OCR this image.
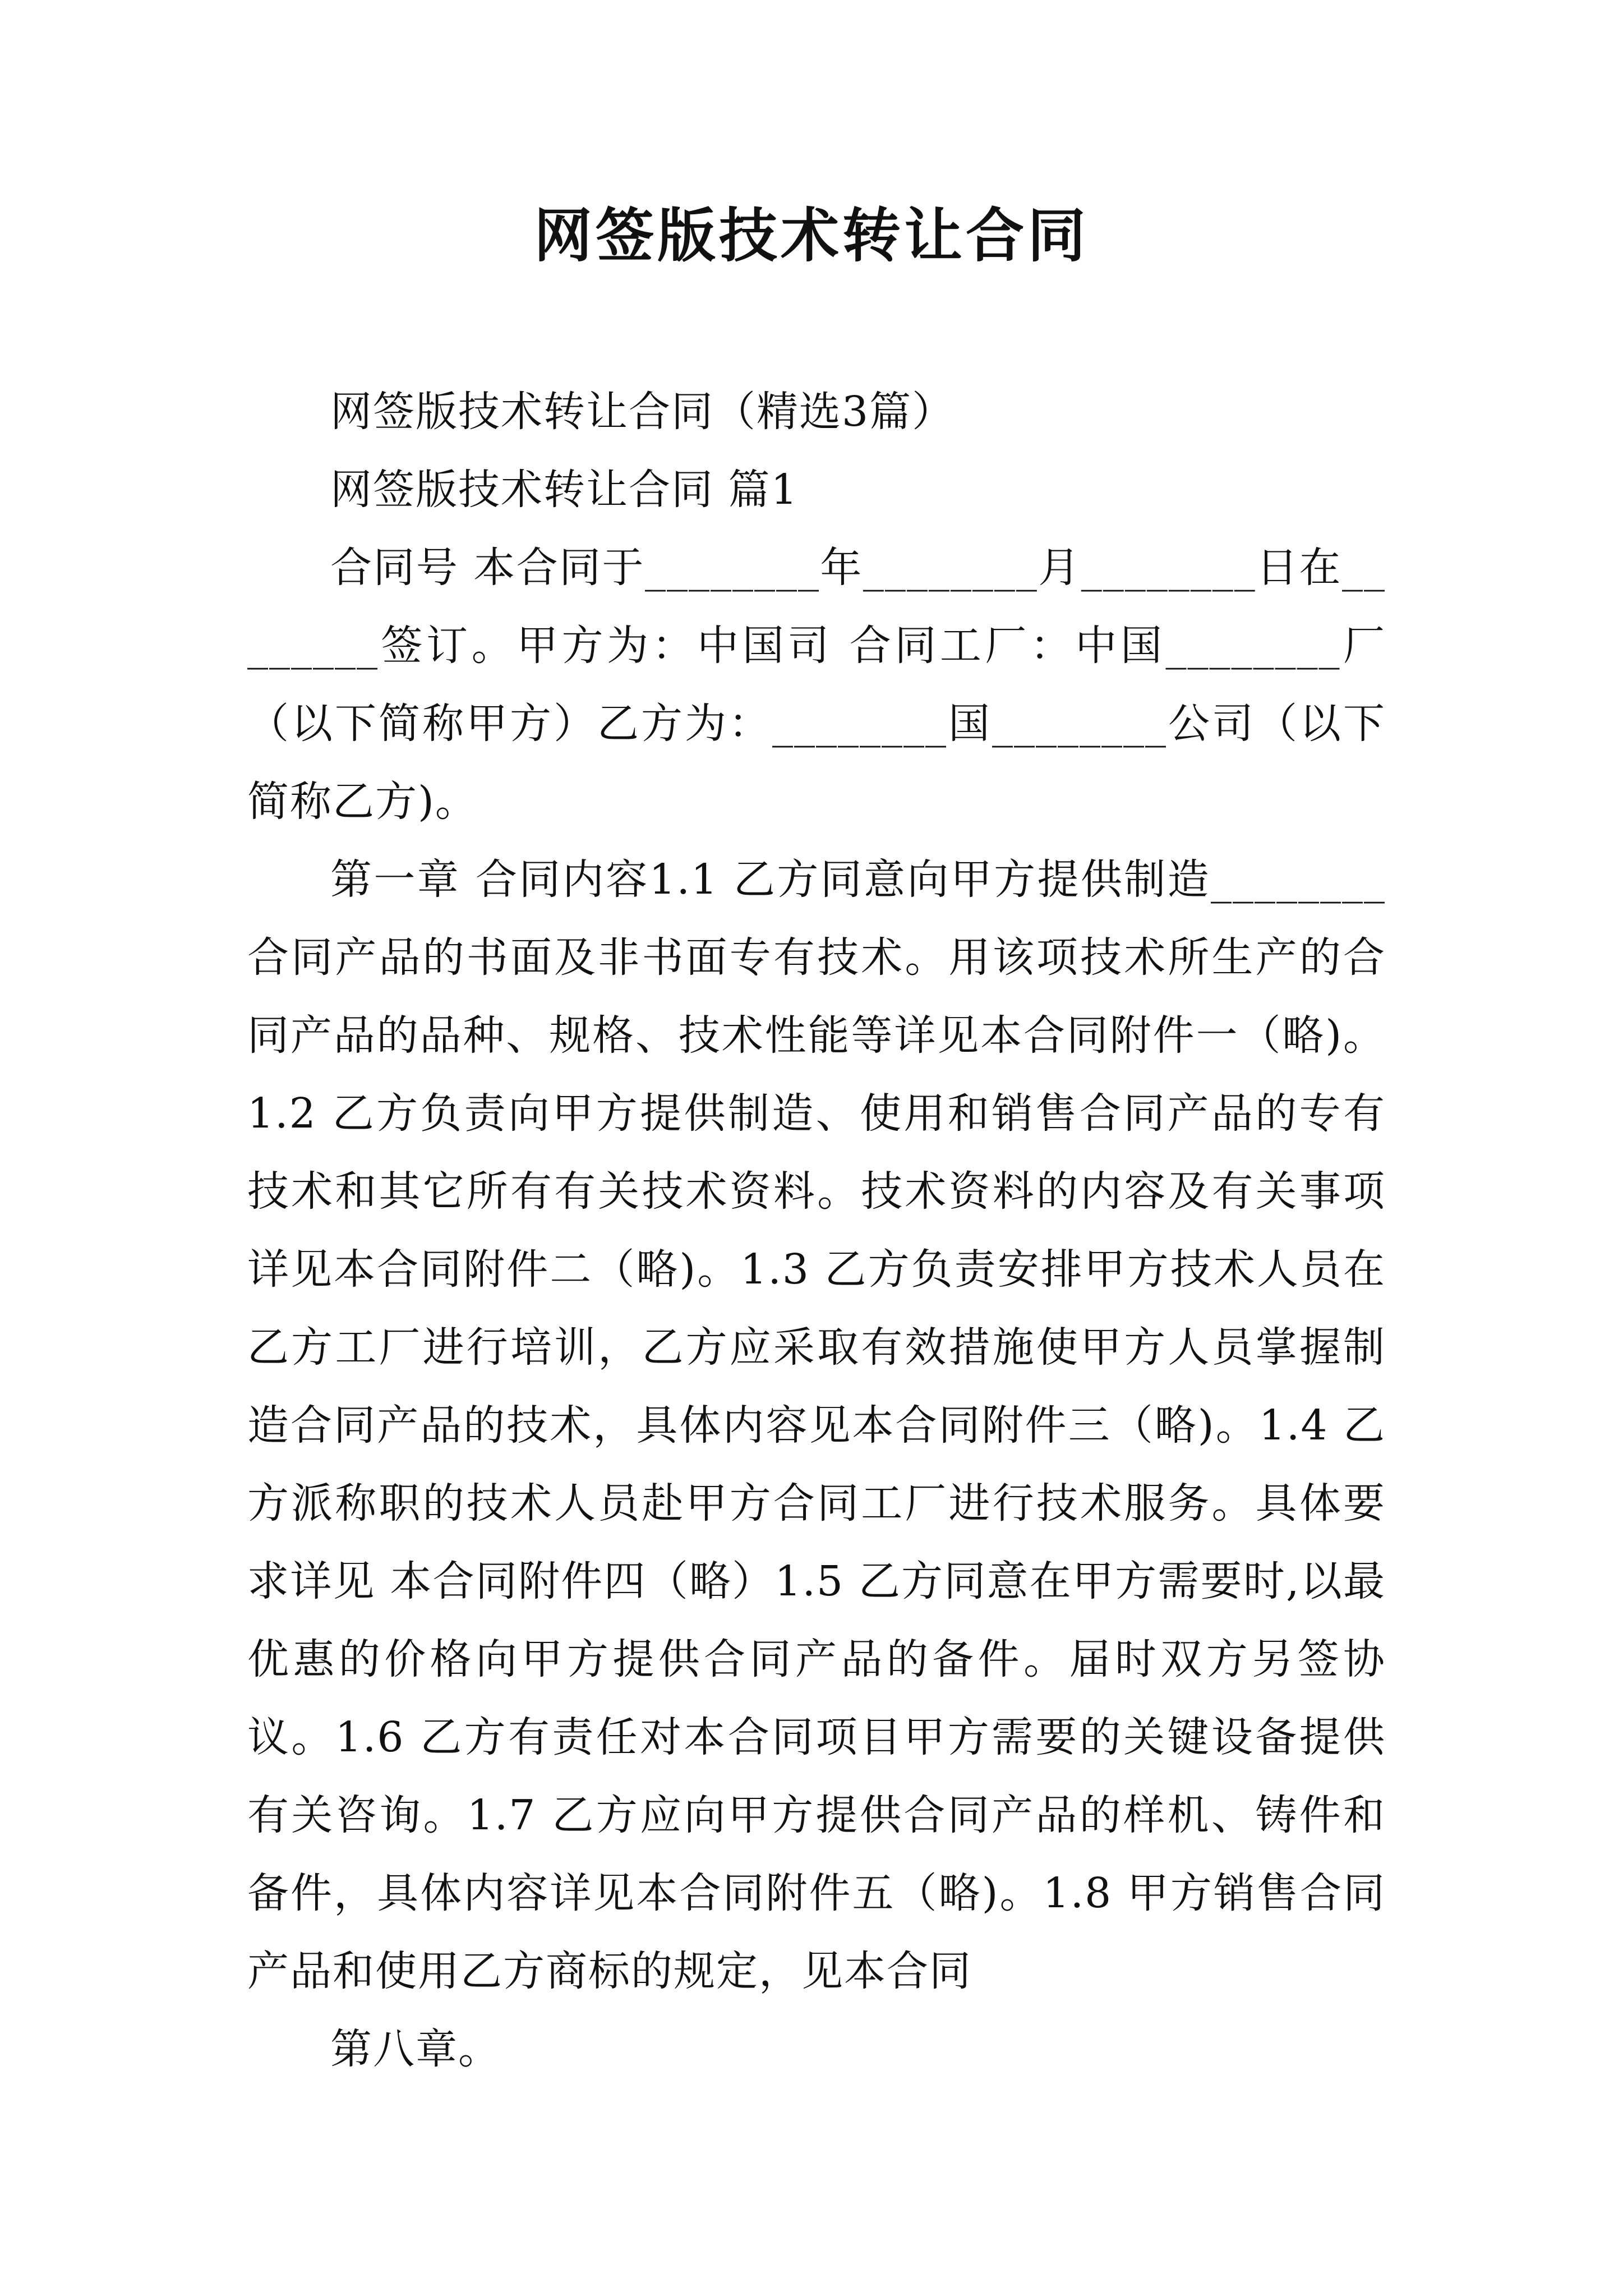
网签版技术转让合同

网签版技术转让合同（精选3篇）

网签版技术转让合同 篇1

合同号 本合同于________年________月________日在________签订。甲方为：中国司 合同工厂：中国________厂（以下简称甲方）乙方为：________国________公司（以下简称乙方)。

第一章 合同内容1.1 乙方同意向甲方提供制造________合同产品的书面及非书面专有技术。用该项技术所生产的合同产品的品种、规格、技术性能等详见本合同附件一（略)。1.2 乙方负责向甲方提供制造、使用和销售合同产品的专有技术和其它所有有关技术资料。技术资料的内容及有关事项详见本合同附件二（略)。1.3 乙方负责安排甲方技术人员在乙方工厂进行培训，乙方应采取有效措施使甲方人员掌握制造合同产品的技术，具体内容见本合同附件三（略)。1.4 乙方派称职的技术人员赴甲方合同工厂进行技术服务。具体要求详见 本合同附件四（略）1.5 乙方同意在甲方需要时,以最优惠的价格向甲方提供合同产品的备件。届时双方另签协议。1.6 乙方有责任对本合同项目甲方需要的关键设备提供有关咨询。1.7 乙方应向甲方提供合同产品的样机、铸件和备件，具体内容详见本合同附件五（略)。1.8 甲方销售合同产品和使用乙方商标的规定，见本合同

第八章。
